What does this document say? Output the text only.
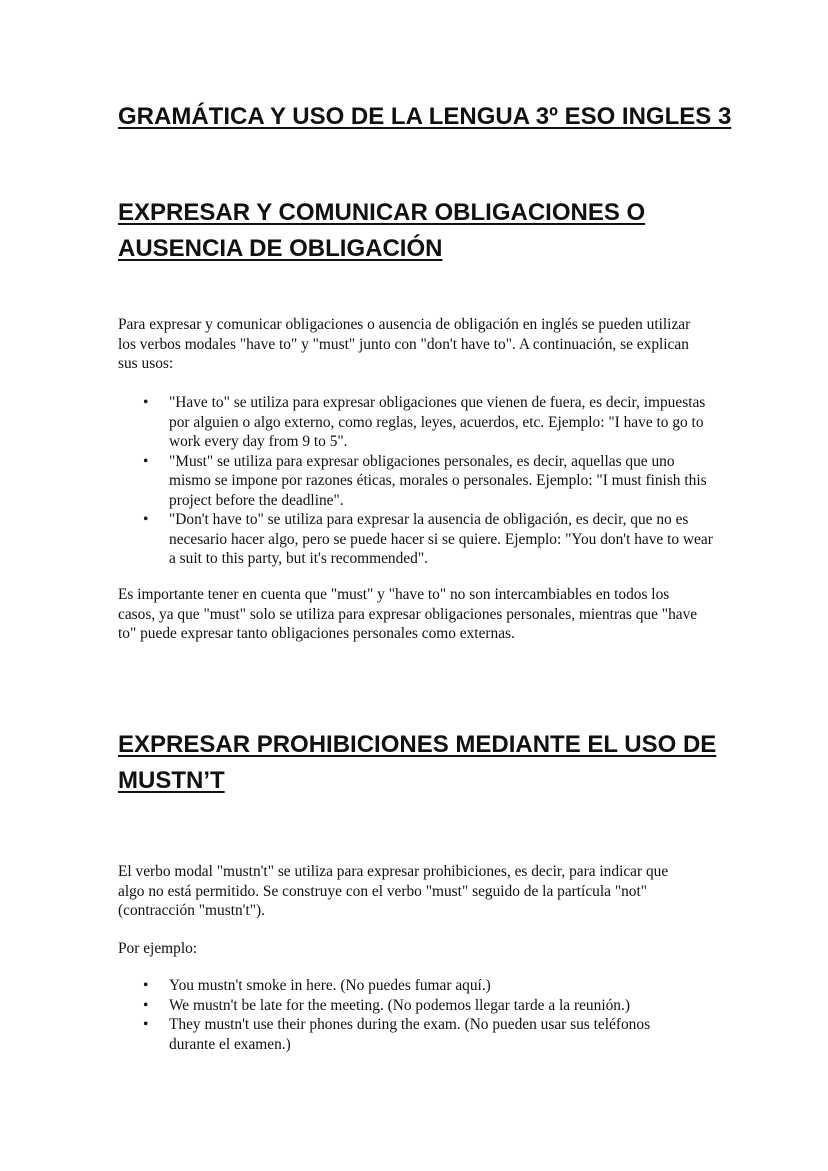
GRAMÁTICA Y USO DE LA LENGUA 3º ESO INGLES 3
EXPRESAR Y COMUNICAR OBLIGACIONES O AUSENCIA DE OBLIGACIÓN

Para expresar y comunicar obligaciones o ausencia de obligación en inglés se pueden utilizar los verbos modales "have to" y "must" junto con "don't have to". A continuación, se explican sus usos:

• "Have to" se utiliza para expresar obligaciones que vienen de fuera, es decir, impuestas por alguien o algo externo, como reglas, leyes, acuerdos, etc. Ejemplo: "I have to go to work every day from 9 to 5".
• "Must" se utiliza para expresar obligaciones personales, es decir, aquellas que uno mismo se impone por razones éticas, morales o personales. Ejemplo: "I must finish this project before the deadline".
• "Don't have to" se utiliza para expresar la ausencia de obligación, es decir, que no es necesario hacer algo, pero se puede hacer si se quiere. Ejemplo: "You don't have to wear a suit to this party, but it's recommended".

Es importante tener en cuenta que "must" y "have to" no son intercambiables en todos los casos, ya que "must" solo se utiliza para expresar obligaciones personales, mientras que "have to" puede expresar tanto obligaciones personales como externas.

EXPRESAR PROHIBICIONES MEDIANTE EL USO DE MUSTN’T

El verbo modal "mustn't" se utiliza para expresar prohibiciones, es decir, para indicar que algo no está permitido. Se construye con el verbo "must" seguido de la partícula "not" (contracción "mustn't").

Por ejemplo:

• You mustn't smoke in here. (No puedes fumar aquí.)
• We mustn't be late for the meeting. (No podemos llegar tarde a la reunión.)
• They mustn't use their phones during the exam. (No pueden usar sus teléfonos durante el examen.)
